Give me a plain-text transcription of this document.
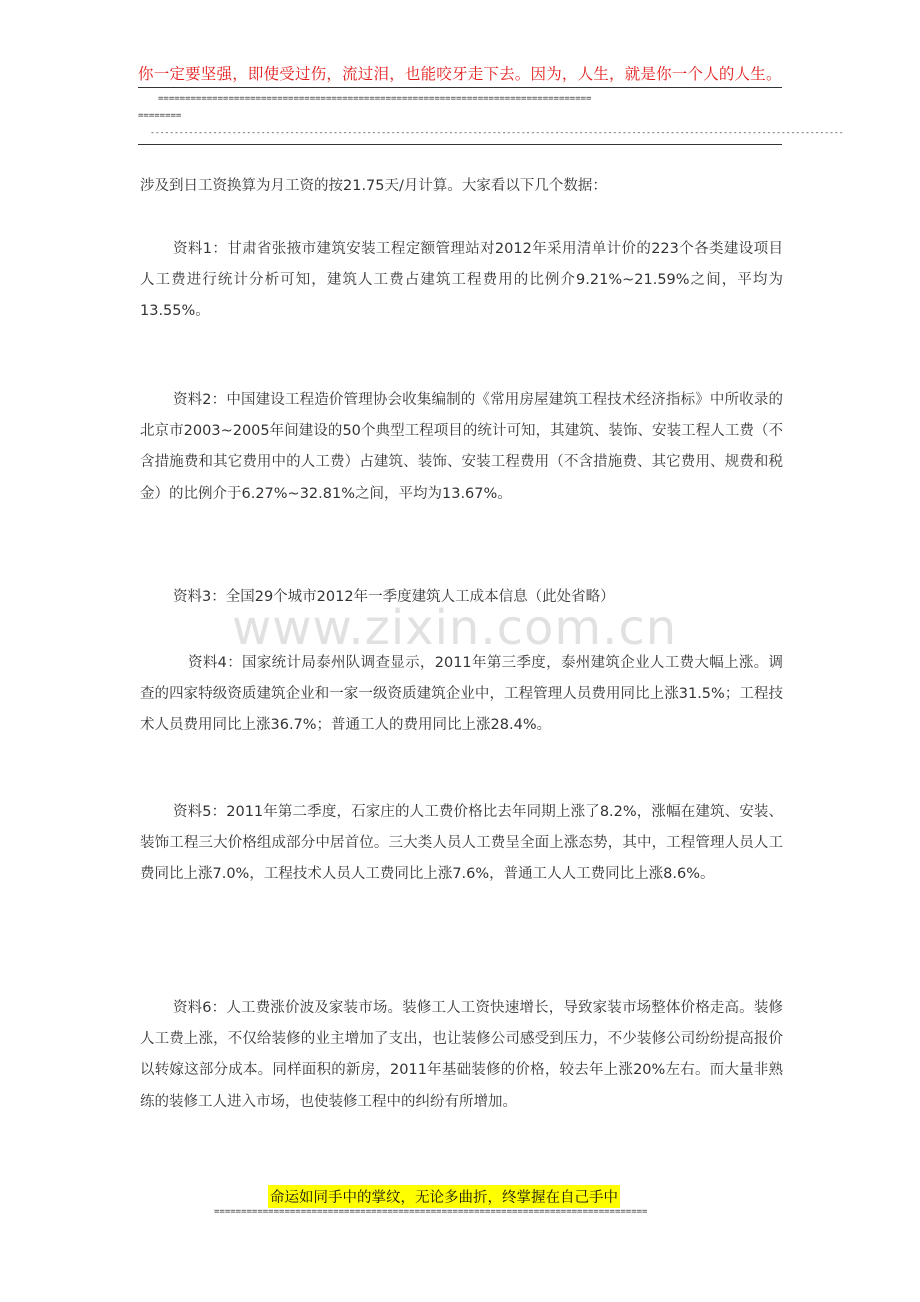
你一定要坚强，即使受过伤，流过泪，也能咬牙走下去。因为，人生，就是你一个人的人生。
================================================================================
========
------------------------------------------------------------------------------------------------------------------------------------------------
涉及到日工资换算为月工资的按21.75天/月计算。大家看以下几个数据：
资料1：甘肃省张掖市建筑安装工程定额管理站对2012年采用清单计价的223个各类建设项目人工费进行统计分析可知，建筑人工费占建筑工程费用的比例介9.21%~21.59%之间，平均为13.55%。
资料2：中国建设工程造价管理协会收集编制的《常用房屋建筑工程技术经济指标》中所收录的北京市2003~2005年间建设的50个典型工程项目的统计可知，其建筑、装饰、安装工程人工费（不含措施费和其它费用中的人工费）占建筑、装饰、安装工程费用（不含措施费、其它费用、规费和税金）的比例介于6.27%~32.81%之间，平均为13.67%。
资料3：全国29个城市2012年一季度建筑人工成本信息（此处省略）
资料4：国家统计局泰州队调查显示，2011年第三季度，泰州建筑企业人工费大幅上涨。调查的四家特级资质建筑企业和一家一级资质建筑企业中，工程管理人员费用同比上涨31.5%；工程技术人员费用同比上涨36.7%；普通工人的费用同比上涨28.4%。
资料5：2011年第二季度，石家庄的人工费价格比去年同期上涨了8.2%，涨幅在建筑、安装、装饰工程三大价格组成部分中居首位。三大类人员人工费呈全面上涨态势，其中，工程管理人员人工费同比上涨7.0%，工程技术人员人工费同比上涨7.6%，普通工人人工费同比上涨8.6%。
资料6：人工费涨价波及家装市场。装修工人工资快速增长，导致家装市场整体价格走高。装修人工费上涨，不仅给装修的业主增加了支出，也让装修公司感受到压力，不少装修公司纷纷提高报价以转嫁这部分成本。同样面积的新房，2011年基础装修的价格，较去年上涨20%左右。而大量非熟练的装修工人进入市场，也使装修工程中的纠纷有所增加。
www.zixin.com.cn
命运如同手中的掌纹，无论多曲折，终掌握在自己手中
================================================================================
